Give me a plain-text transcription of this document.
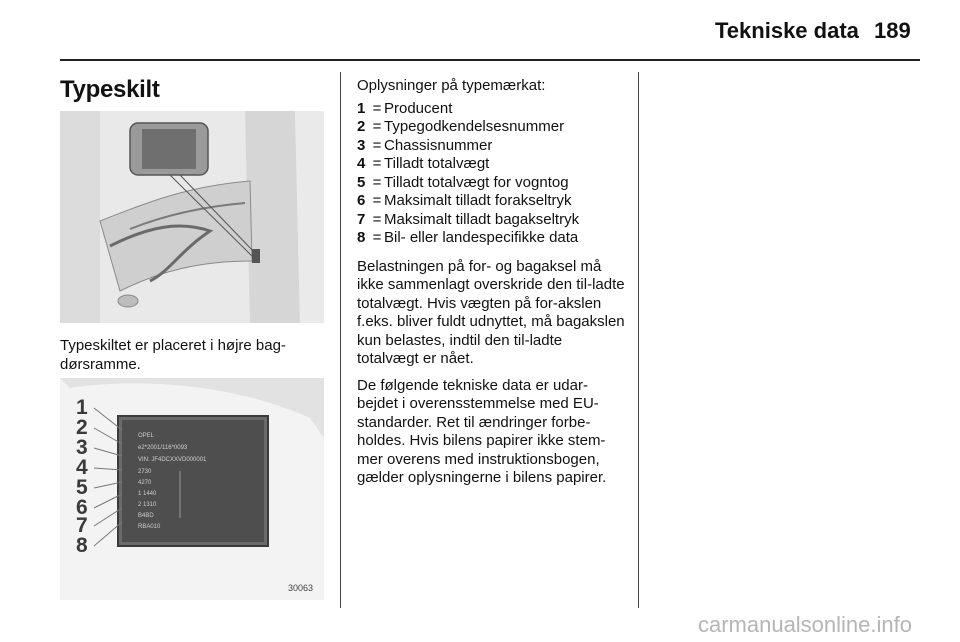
Tekniske data 189
Typeskilt
Typeskiltet er placeret i højre bag-dørsramme.
OPEL
e2*2001/116*0093
VIN: JF4DCXXVD000001
2730
4270
1 1440
2 1310
B4BD
RBA010
1
2
3
4
5
6
7
8
30063

Oplysninger på typemærkat:

1 = Producent
2 = Typegodkendelsesnummer
3 = Chassisnummer
4 = Tilladt totalvægt
5 = Tilladt totalvægt for vogntog
6 = Maksimalt tilladt forakseltryk
7 = Maksimalt tilladt bagakseltryk
8 = Bil- eller landespecifikke data

Belastningen på for- og bagaksel må ikke sammenlagt overskride den til-ladte totalvægt. Hvis vægten på for-akslen f.eks. bliver fuldt udnyttet, må bagakslen kun belastes, indtil den til-ladte totalvægt er nået.

De følgende tekniske data er udar-bejdet i overensstemmelse med EU-standarder. Ret til ændringer forbe-holdes. Hvis bilens papirer ikke stem-mer overens med instruktionsbogen, gælder oplysningerne i bilens papirer.

carmanualsonline.info
